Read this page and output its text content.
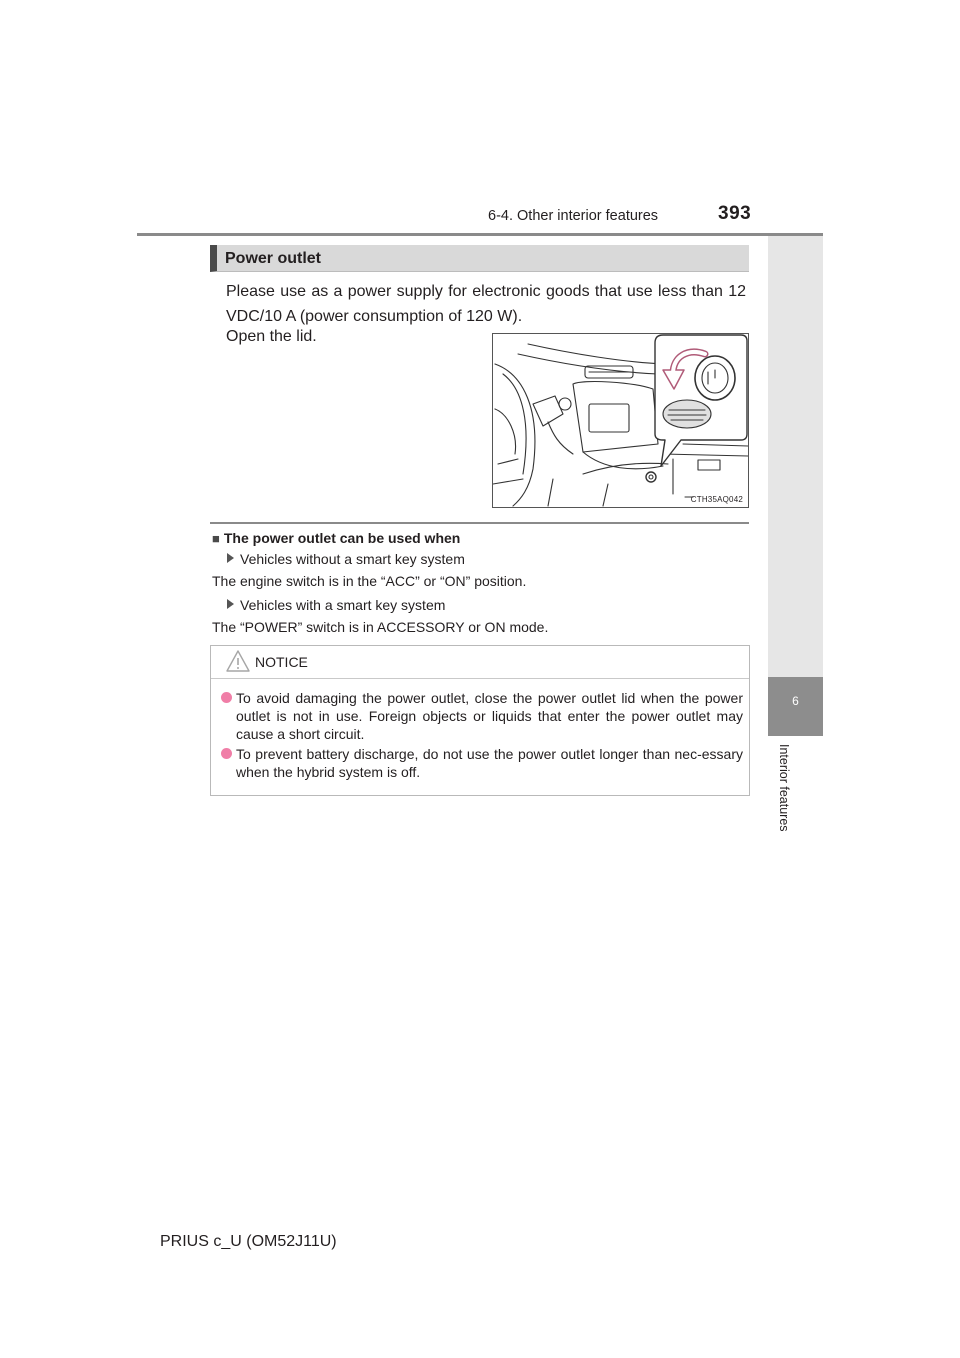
6-4. Other interior features	393
6
Interior features
Power outlet
Please use as a power supply for electronic goods that use less than 12 VDC/10 A (power consumption of 120 W).
Open the lid.
CTH35AQ042
■ The power outlet can be used when
Vehicles without a smart key system
The engine switch is in the “ACC” or “ON” position.
Vehicles with a smart key system
The “POWER” switch is in ACCESSORY or ON mode.
NOTICE
To avoid damaging the power outlet, close the power outlet lid when the power outlet is not in use. Foreign objects or liquids that enter the power outlet may cause a short circuit.
To prevent battery discharge, do not use the power outlet longer than nec-essary when the hybrid system is off.
PRIUS c_U (OM52J11U)
